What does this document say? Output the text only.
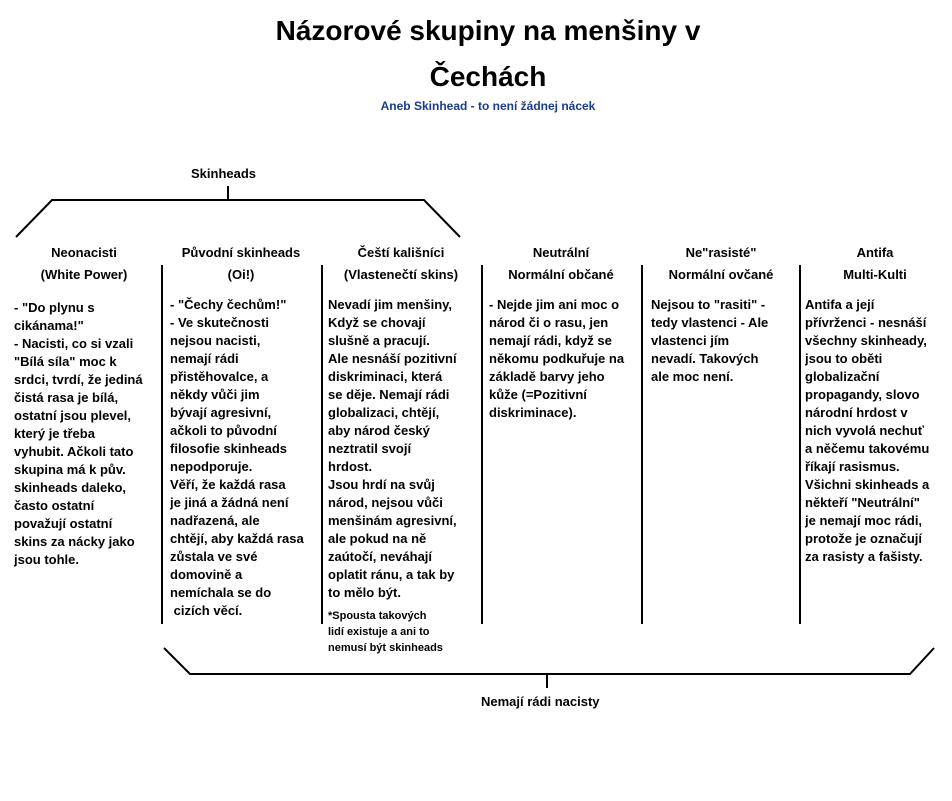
Názorové skupiny na menšiny v
Čechách
Aneb Skinhead - to není žádnej nácek
Skinheads
Nemají rádi nacisty
Neonacisti
(White Power)
- "Do plynu s
cikánama!"
- Nacisti, co si vzali
"Bílá síla" moc k
srdci, tvrdí, že jediná
čistá rasa je bílá,
ostatní jsou plevel,
který je třeba
vyhubit. Ačkoli tato
skupina má k pův.
skinheads daleko,
často ostatní
považují ostatní
skins za nácky jako
jsou tohle.
Původní skinheads
(Oi!)
- "Čechy čechům!"
- Ve skutečnosti
nejsou nacisti,
nemají rádi
přistěhovalce, a
někdy vůči jim
bývají agresivní,
ačkoli to původní
filosofie skinheads
nepodporuje.
Věří, že každá rasa
je jiná a žádná není
nadřazená, ale
chtějí, aby každá rasa
zůstala ve své
domovině a
nemíchala se do
cizích věcí.
Čeští kališníci
(Vlastenečtí skins)
Nevadí jim menšiny,
Když se chovají
slušně a pracují.
Ale nesnáší pozitivní
diskriminaci, která
se děje. Nemají rádi
globalizaci, chtějí,
aby národ český
neztratil svojí
hrdost.
Jsou hrdí na svůj
národ, nejsou vůči
menšinám agresivní,
ale pokud na ně
zaútočí, neváhají
oplatit ránu, a tak by
to mělo být.
*Spousta takových
lidí existuje a ani to
nemusí být skinheads
Neutrální
Normální občané
- Nejde jim ani moc o
národ či o rasu, jen
nemají rádi, když se
někomu podkuřuje na
základě barvy jeho
kůže (=Pozitivní
diskriminace).
Ne"rasisté"
Normální ovčané
Nejsou to "rasiti" -
tedy vlastenci - Ale
vlastenci jím
nevadí. Takových
ale moc není.
Antifa
Multi-Kulti
Antifa a její
přívrženci - nesnáší
všechny skinheady,
jsou to oběti
globalizační
propagandy, slovo
národní hrdost v
nich vyvolá nechuť
a něčemu takovému
říkají rasismus.
Všichni skinheads a
někteří "Neutrální"
je nemají moc rádi,
protože je označují
za rasisty a fašisty.
